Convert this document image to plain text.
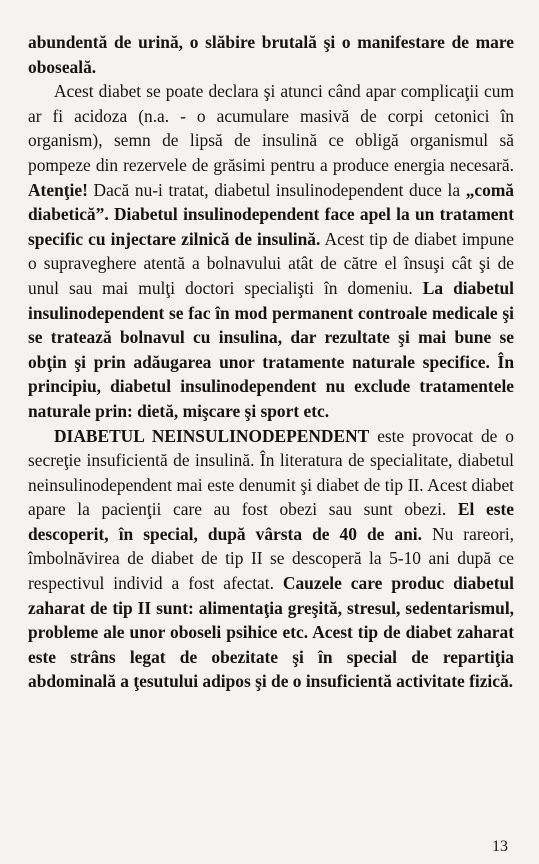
abundentă de urină, o slăbire brutală şi o manifestare de mare oboseală.

Acest diabet se poate declara şi atunci când apar complicaţii cum ar fi acidoza (n.a. - o acumulare masivă de corpi cetonici în organism), semn de lipsă de insulină ce obligă organismul să pompeze din rezervele de grăsimi pentru a produce energia necesară. Atenţie! Dacă nu-i tratat, diabetul insulinodependent duce la „comă diabetică”. Diabetul insulinodependent face apel la un tratament specific cu injectare zilnică de insulină. Acest tip de diabet impune o supraveghere atentă a bolnavului atât de către el însuşi cât şi de unul sau mai mulţi doctori specialişti în domeniu. La diabetul insulinodependent se fac în mod permanent controale medicale şi se tratează bolnavul cu insulina, dar rezultate şi mai bune se obţin şi prin adăugarea unor tratamente naturale specifice. În principiu, diabetul insulinodependent nu exclude tratamentele naturale prin: dietă, mişcare şi sport etc.

DIABETUL NEINSULINODEPENDENT este provocat de o secreţie insuficientă de insulină. În literatura de specialitate, diabetul neinsulinodependent mai este denumit şi diabet de tip II. Acest diabet apare la pacienţii care au fost obezi sau sunt obezi. El este descoperit, în special, după vârsta de 40 de ani. Nu rareori, îmbolnăvirea de diabet de tip II se descoperă la 5-10 ani după ce respectivul individ a fost afectat. Cauzele care produc diabetul zaharat de tip II sunt: alimentaţia greşită, stresul, sedentarismul, probleme ale unor oboseli psihice etc. Acest tip de diabet zaharat este strâns legat de obezitate şi în special de repartiţia abdominală a ţesutului adipos şi de o insuficientă activitate fizică.

13
